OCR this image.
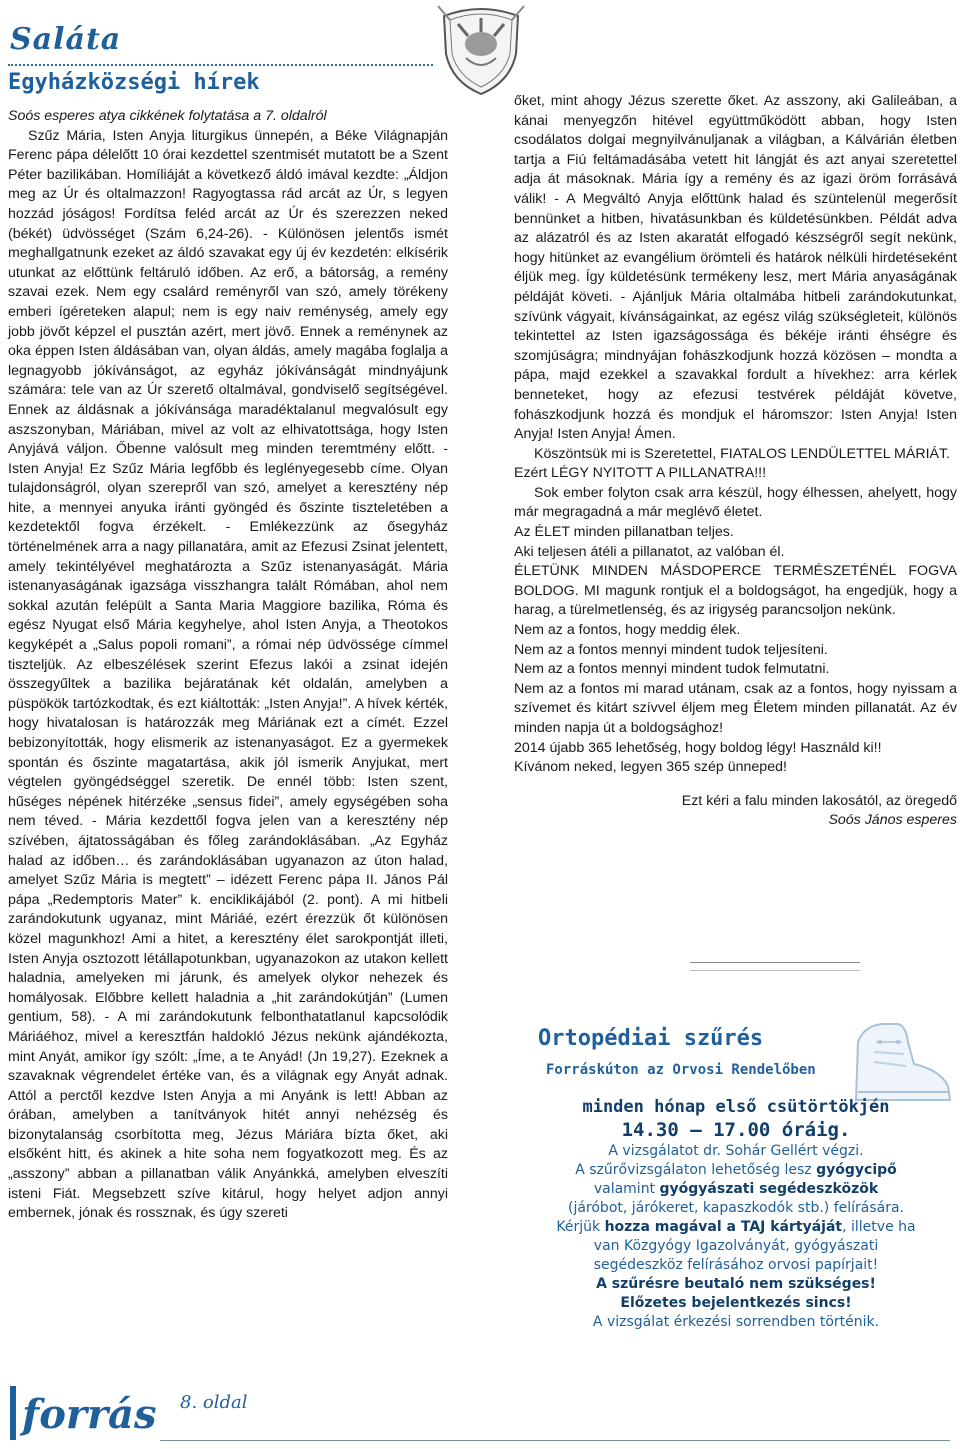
Saláta
Egyházközségi hírek

Soós esperes atya cikkének folytatása a 7. oldalról

Szűz Mária, Isten Anyja liturgikus ünnepén, a Béke Világnapján Ferenc pápa délelőtt 10 órai kezdettel szentmisét mutatott be a Szent Péter bazilikában. Homíliáját a következő áldó imával kezdte: „Áldjon meg az Úr és oltalmazzon! Ragyogtassa rád arcát az Úr, s legyen hozzád jóságos! Fordítsa feléd arcát az Úr és szerezzen neked (békét) üdvösséget (Szám 6,24-26). - Különösen jelentős ismét meghallgatnunk ezeket az áldó szavakat egy új év kezdetén: elkísérik utunkat az előttünk feltáruló időben. Az erő, a bátorság, a remény szavai ezek. Nem egy csalárd reményről van szó, amely törékeny emberi ígéreteken alapul; nem is egy naiv reménység, amely egy jobb jövőt képzel el pusztán azért, mert jövő. Ennek a reménynek az oka éppen Isten áldásában van, olyan áldás, amely magába foglalja a legnagyobb jókívánságot, az egyház jókívánságát mindnyájunk számára: tele van az Úr szerető oltalmával, gondviselő segítségével. Ennek az áldásnak a jókívánsága maradéktalanul megvalósult egy aszszonyban, Máriában, mivel az volt az elhivatottsága, hogy Isten Anyjává váljon. Őbenne valósult meg minden teremtmény előtt. - Isten Anyja! Ez Szűz Mária legfőbb és leglényegesebb címe. Olyan tulajdonságról, olyan szerepről van szó, amelyet a keresztény nép hite, a mennyei anyuka iránti gyöngéd és őszinte tiszteletében a kezdetektől fogva érzékelt. - Emlékezzünk az ősegyház történelmének arra a nagy pillanatára, amit az Efezusi Zsinat jelentett, amely tekintélyével meghatározta a Szűz istenanyaságát. Mária istenanyaságának igazsága visszhangra talált Rómában, ahol nem sokkal azután felépült a Santa Maria Maggiore bazilika, Róma és egész Nyugat első Mária kegyhelye, ahol Isten Anyja, a Theotokos kegyképét a „Salus popoli romani”, a római nép üdvössége címmel tiszteljük. Az elbeszélések szerint Efezus lakói a zsinat idején összegyűltek a bazilika bejáratának két oldalán, amelyben a püspökök tartózkodtak, és ezt kiáltották: „Isten Anyja!”. A hívek kérték, hogy hivatalosan is határozzák meg Máriának ezt a címét. Ezzel bebizonyították, hogy elismerik az istenanyaságot. Ez a gyermekek spontán és őszinte magatartása, akik jól ismerik Anyjukat, mert végtelen gyöngédséggel szeretik. De ennél több: Isten szent, hűséges népének hitérzéke „sensus fidei”, amely egységében soha nem téved. - Mária kezdettől fogva jelen van a keresztény nép szívében, ájtatosságában és főleg zarándoklásában. „Az Egyház halad az időben… és zarándoklásában ugyanazon az úton halad, amelyet Szűz Mária is megtett” – idézett Ferenc pápa II. János Pál pápa „Redemptoris Mater” k. enciklikájából (2. pont). A mi hitbeli zarándokutunk ugyanaz, mint Máriáé, ezért érezzük őt különösen közel magunkhoz! Ami a hitet, a keresztény élet sarokpontját illeti, Isten Anyja osztozott létállapotunkban, ugyanazokon az utakon kellett haladnia, amelyeken mi járunk, és amelyek olykor nehezek és homályosak. Előbbre kellett haladnia a „hit zarándokútján” (Lumen gentium, 58). - A mi zarándokutunk felbonthatatlanul kapcsolódik Máriáéhoz, mivel a keresztfán haldokló Jézus nekünk ajándékozta, mint Anyát, amikor így szólt: „Íme, a te Anyád! (Jn 19,27). Ezeknek a szavaknak végrendelet értéke van, és a világnak egy Anyát adnak. Attól a perctől kezdve Isten Anyja a mi Anyánk is lett! Abban az órában, amelyben a tanítványok hitét annyi nehézség és bizonytalanság csorbította meg, Jézus Máriára bízta őket, aki elsőként hitt, és akinek a hite soha nem fogyatkozott meg. És az „asszony” abban a pillanatban válik Anyánkká, amelyben elveszíti isteni Fiát. Megsebzett szíve kitárul, hogy helyet adjon annyi embernek, jónak és rossznak, és úgy szereti

őket, mint ahogy Jézus szerette őket. Az asszony, aki Galileában, a kánai menyegzőn hitével együttműködött abban, hogy Isten csodálatos dolgai megnyilvánuljanak a világban, a Kálvárián életben tartja a Fiú feltámadásába vetett hit lángját és azt anyai szeretettel adja át másoknak. Mária így a remény és az igazi öröm forrásává válik! - A Megváltó Anyja előttünk halad és szüntelenül megerősít bennünket a hitben, hivatásunkban és küldetésünkben. Példát adva az alázatról és az Isten akaratát elfogadó készségről segít nekünk, hogy hitünket az evangélium örömteli és határok nélküli hirdetéseként éljük meg. Így küldetésünk termékeny lesz, mert Mária anyaságának példáját követi. - Ajánljuk Mária oltalmába hitbeli zarándokutunkat, szívünk vágyait, kívánságainkat, az egész világ szükségleteit, különös tekintettel az Isten igazságossága és békéje iránti éhségre és szomjúságra; mindnyájan fohászkodjunk hozzá közösen – mondta a pápa, majd ezekkel a szavakkal fordult a hívekhez: arra kérlek benneteket, hogy az efezusi testvérek példáját követve, fohászkodjunk hozzá és mondjuk el háromszor: Isten Anyja! Isten Anyja! Isten Anyja! Ámen.

Köszöntsük mi is Szeretettel, FIATALOS LENDÜLETTEL MÁRIÁT.

Ezért LÉGY NYITOTT A PILLANATRA!!!

Sok ember folyton csak arra készül, hogy élhessen, ahelyett, hogy már megragadná a már meglévő életet.

Az ÉLET minden pillanatban teljes.

Aki teljesen átéli a pillanatot, az valóban él.

ÉLETÜNK MINDEN MÁSDOPERCE TERMÉSZETÉNÉL FOGVA BOLDOG. MI magunk rontjuk el a boldogságot, ha engedjük, hogy a harag, a türelmetlenség, és az irigység parancsoljon nekünk.

Nem az a fontos, hogy meddig élek.

Nem az a fontos mennyi mindent tudok teljesíteni.

Nem az a fontos mennyi mindent tudok felmutatni.

Nem az a fontos mi marad utánam, csak az a fontos, hogy nyissam a szívemet és kitárt szívvel éljem meg Életem minden pillanatát. Az év minden napja út a boldogsághoz!

2014 újabb 365 lehetőség, hogy boldog légy! Használd ki!!

Kívánom neked, legyen 365 szép ünneped!

Ezt kéri a falu minden lakosától, az öregedő

Soós János esperes

Ortopédiai szűrés
Forráskúton az Orvosi Rendelőben
minden hónap első csütörtökjén
14.30 – 17.00 óráig.
A vizsgálatot dr. Sohár Gellért végzi.
A szűrővizsgálaton lehetőség lesz gyógycipő
valamint gyógyászati segédeszközök
(járóbot, járókeret, kapaszkodók stb.) felírására.
Kérjük hozza magával a TAJ kártyáját, illetve ha
van Közgyógy Igazolványát, gyógyászati
segédeszköz felírásához orvosi papírjait!
A szűrésre beutaló nem szükséges!
Előzetes bejelentkezés sincs!
A vizsgálat érkezési sorrendben történik.
forrás 8. oldal
